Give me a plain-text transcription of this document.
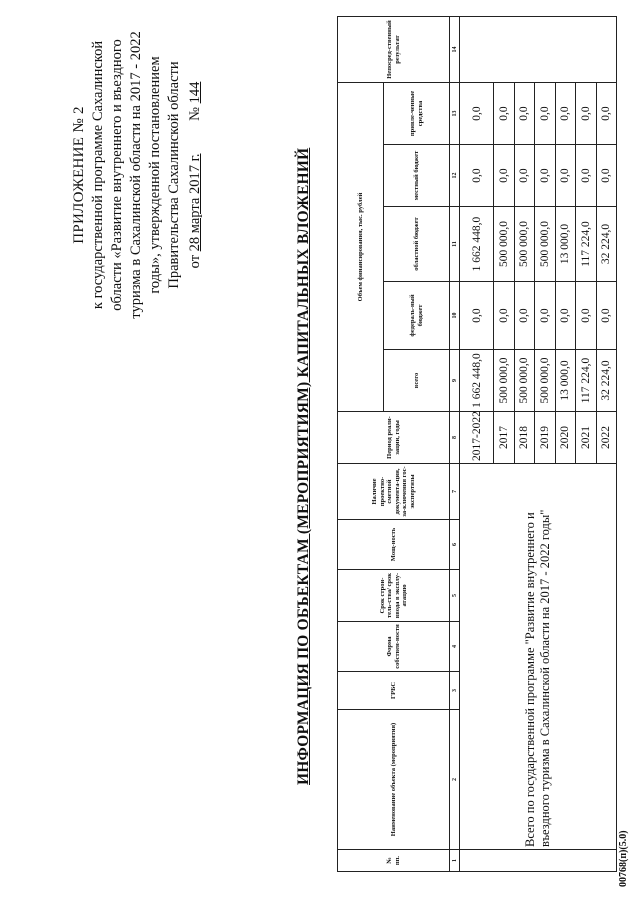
ПРИЛОЖЕНИЕ № 2 к государственной программе Сахалинской области «Развитие внутреннего и въездного туризма в Сахалинской области на 2017 - 2022 годы», утвержденной постановлением Правительства Сахалинской области от 28 марта 2017 г.         № 144
ИНФОРМАЦИЯ ПО ОБЪЕКТАМ (МЕРОПРИЯТИЯМ) КАПИТАЛЬНЫХ ВЛОЖЕНИЙ
№ пп.	Наименование объекта (мероприятия)	ГРБС	Форма собствен-ности	Срок строи-тель-ства/ срок ввода в эксплу-атацию	Мощ-ность	Наличие проектно-сметной документа-ции, за-ключения гос-экспертизы	Период реали-зации, годы	Объем финансирования, тыс. рублей					Непосред-ственный результат
								всего	федераль-ный бюджет	областной бюджет	местный бюджет	привле-ченные средства	
1	2	3	4	5	6	7	8	9	10	11	12	13	14
	Всего по государственной программе "Развитие внутреннего и въездного туризма в Сахалинской области на 2017 - 2022 годы"						2017-2022	1 662 448,0	0,0	1 662 448,0	0,0	0,0	
							2017	500 000,0	0,0	500 000,0	0,0	0,0	
							2018	500 000,0	0,0	500 000,0	0,0	0,0	
							2019	500 000,0	0,0	500 000,0	0,0	0,0	
							2020	13 000,0	0,0	13 000,0	0,0	0,0	
							2021	117 224,0	0,0	117 224,0	0,0	0,0	
							2022	32 224,0	0,0	32 224,0	0,0	0,0	
00768(п)(5.0)
